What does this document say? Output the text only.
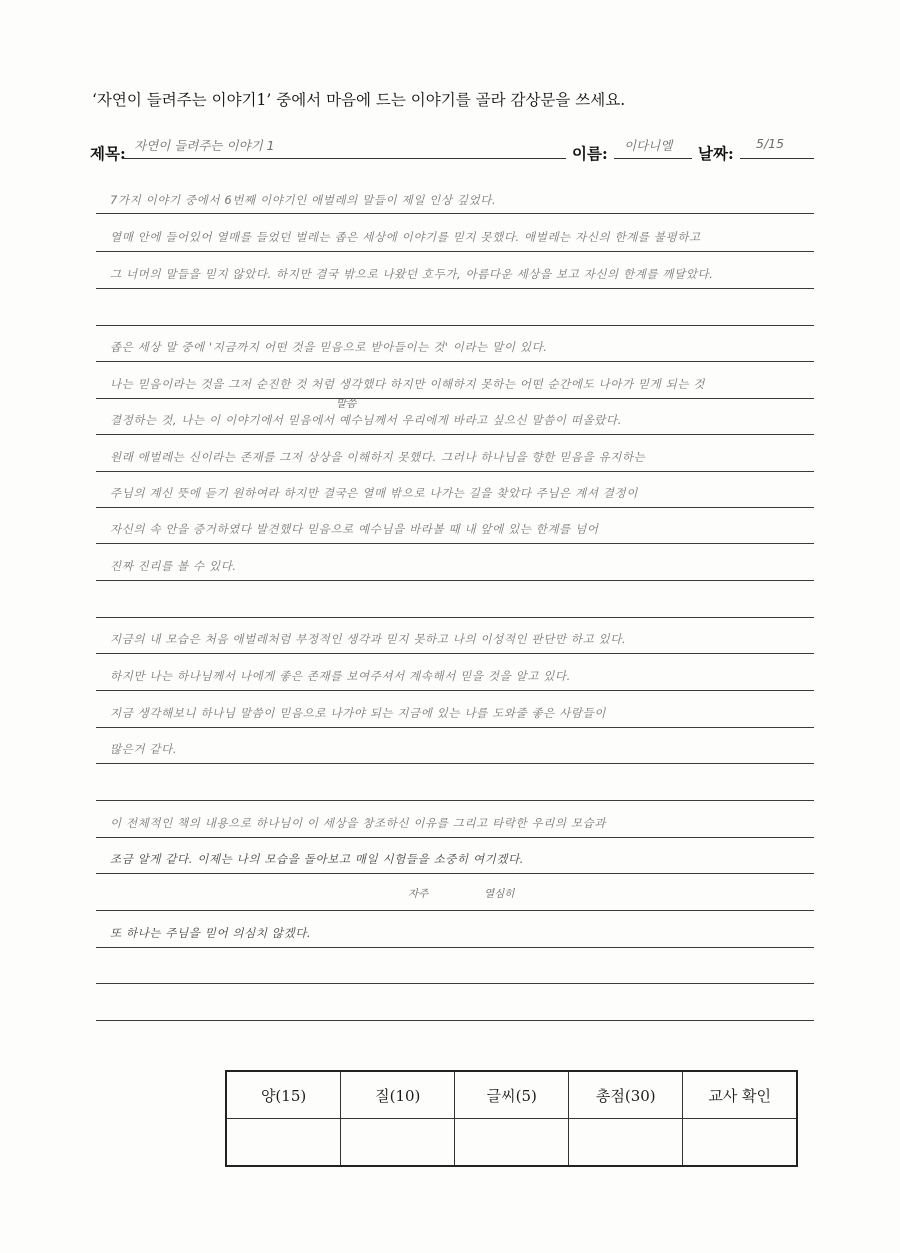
‘자연이 들려주는 이야기1’ 중에서 마음에 드는 이야기를 골라 감상문을 쓰세요.
제목: 자연이 들려주는 이야기 1	이름: 이다니엘 날짜:
5/15
7가지 이야기 중에서 6번째 이야기인 애벌레의 말들이 제일 인상 깊었다.
열매 안에 들어있어 열매를 들었던 벌레는 좁은 세상에 이야기를 믿지 못했다. 애벌레는 자신의 한계를 불평하고
그 너머의 말들을 믿지 않았다. 하지만 결국 밖으로 나왔던 호두가, 아름다운 세상을 보고 자신의 한계를 깨달았다.
좁은 세상 말 중에 '지금까지 어떤 것을 믿음으로 받아들이는 것' 이라는 말이 있다.
나는 믿음이라는 것을 그저 순진한 것 처럼 생각했다 하지만 이해하지 못하는 어떤 순간에도 나아가 믿게 되는 것
결정하는 것, 나는 이 이야기에서 믿음에서 예수님께서 우리에게 바라고 싶으신 말씀이 떠올랐다.
원래 애벌레는 신이라는 존재를 그저 상상을 이해하지 못했다. 그러나 하나님을 향한 믿음을 유지하는
주님의 계신 뜻에 듣기 원하여라 하지만 결국은 열매 밖으로 나가는 길을 찾았다 주님은 계셔 결정이
자신의 속 안을 증거하였다 발견했다 믿음으로 예수님을 바라볼 때 내 앞에 있는 한계를 넘어
진짜 진리를 볼 수 있다.
지금의 내 모습은 처음 애벌레처럼 부정적인 생각과 믿지 못하고 나의 이성적인 판단만 하고 있다.
하지만 나는 하나님께서 나에게 좋은 존재를 보여주셔서 계속해서 믿을 것을 알고 있다.
지금 생각해보니 하나님 말씀이 믿음으로 나가야 되는 지금에 있는 나를 도와줄 좋은 사람들이
많은거 같다.
이 전체적인 책의 내용으로 하나님이 이 세상을 창조하신 이유를 그리고 타락한 우리의 모습과
조금 알게 같다. 이제는 나의 모습을 돌아보고 매일 시험들을 소중히 여기겠다.
또 하나는 주님을 믿어 의심치 않겠다.
말씀
자주	열심히
양(15)	질(10)	글씨(5)	총점(30)	교사 확인
